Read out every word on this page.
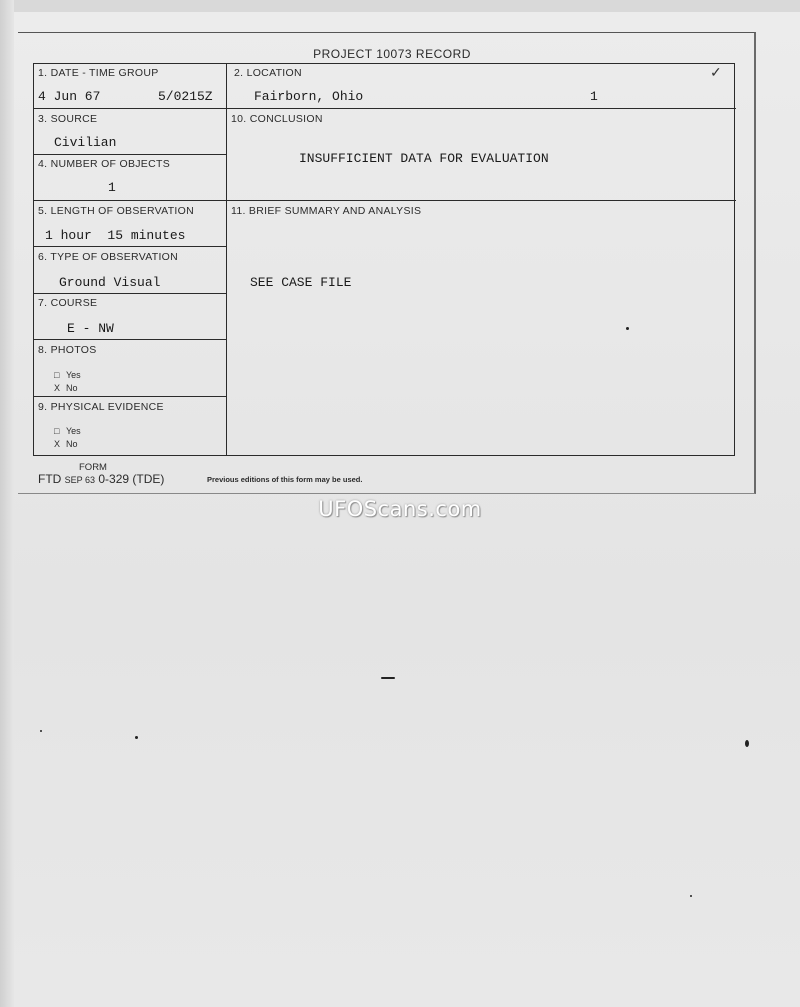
PROJECT 10073 RECORD
✓
1. DATE - TIME GROUP
4 Jun 67	5/0215Z
2. LOCATION
Fairborn, Ohio	1
3. SOURCE
Civilian
4. NUMBER OF OBJECTS
1
10. CONCLUSION
INSUFFICIENT DATA FOR EVALUATION
5. LENGTH OF OBSERVATION
1 hour  15 minutes
11. BRIEF SUMMARY AND ANALYSIS
SEE CASE FILE
6. TYPE OF OBSERVATION
Ground Visual
7. COURSE
E - NW
8. PHOTOS
□ Yes
X No
9. PHYSICAL EVIDENCE
□ Yes
X No
FORM
FTD SEP 63 0-329 (TDE)	Previous editions of this form may be used.
UFOScans.com
